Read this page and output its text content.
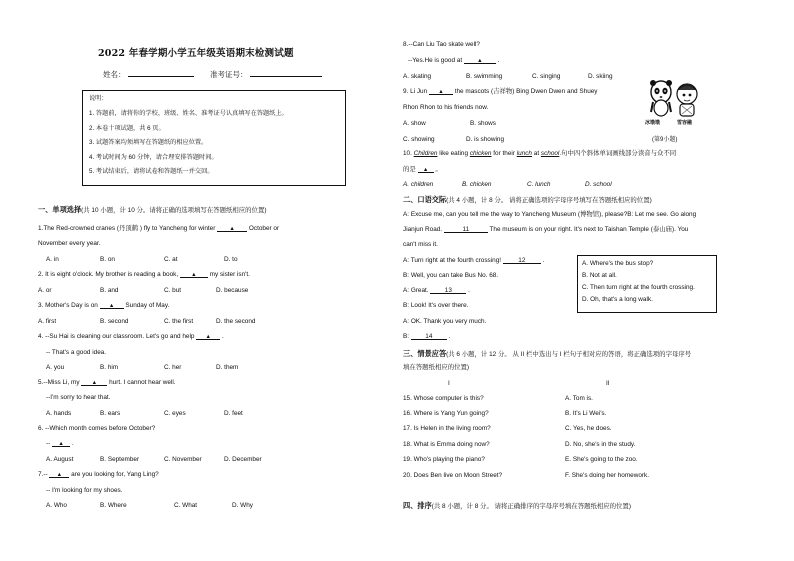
2022 年春学期小学五年级英语期末检测试题
姓名：	准考证号：
说明：
1. 答题前，请将你的学校、班级、姓名、准考证号认真填写在答题纸上。
2. 本卷十项试题，共 6 页。
3. 试题答案均须填写在答题纸的相应位置。
4. 考试时间为 60 分钟，请合理安排答题时间。
5. 考试结束后，请将试卷和答题纸一并交回。
一、单项选择(共 10 小题，计 10 分。请将正确的选项填写在答题纸相应的位置)
1.The Red-crowned cranes (丹顶鹤 ) fly to Yancheng for winter ▲ October or
November every year.
A. in	B. on	C. at	D. to
2. It is eight o'clock. My brother is reading a book, ▲ my sister isn't.
A. or	B. and	C. but	D. because
3. Mother's Day is on ▲ Sunday of May.
A. first	B. second	C. the first	D. the second
4. --Su Hai is cleaning our classroom. Let's go and help ▲ .
-- That's a good idea.
A. you	B. him	C. her	D. them
5.--Miss Li, my ▲ hurt. I cannot hear well.
--I'm sorry to hear that.
A. hands	B. ears	C. eyes	D. feet
6. --Which month comes before October?
-- ▲ .
A. August	B. September	C. November	D. December
7.-- ▲ are you looking for, Yang Ling?
-- I'm looking for my shoes.
A. Who	B. Where	C. What	D. Why
8.--Can Liu Tao skate well?
--Yes.He is good at ▲ .
A. skating	B. swimming	C. singing	D. skiing
9. Li Jun ▲ the mascots (吉祥物) Bing Dwen Dwen and Shuey
Rhon Rhon to his friends now.
A. show	B. shows
C. showing	D. is showing
冰墩墩	雪容融
(第9小题)
10. Children like eating chicken for their lunch at school.句中四个斜体单词画线部分读音与众不同
的是 ▲ 。
A. children	B. chicken	C. lunch	D. school
二、口语交际(共 4 小题，计 8 分。 请将正确选项的字母序号填写在答题纸相应的位置)
A: Excuse me, can you tell me the way to Yancheng Museum (博物馆), please?B: Let me see. Go along
Jianjun Road.	11	The museum is on your right. It's next to Taishan Temple (泰山庙). You
can't miss it.
A: Turn right at the fourth crossing! 12 .
B: Well, you can take Bus No. 68.
A: Great. 13 .
B: Look! It's over there.
A: OK. Thank you very much.
B: 14 .
A. Where's the bus stop?
B. Not at all.
C. Then turn right at the fourth crossing.
D. Oh, that's a long walk.
三、情景应答(共 6 小题，计 12 分。 从 II 栏中选出与 I 栏句子相对应的答语，将正确选项的字母序号
填在答题纸相应的位置)
I	II
15. Whose computer is this?	A. Tom is.
16. Where is Yang Yun going?	B. It's Li Wei's.
17. Is Helen in the living room?	C. Yes, he does.
18. What is Emma doing now?	D. No, she's in the study.
19. Who's playing the piano?	E. She's going to the zoo.
20. Does Ben live on Moon Street?	F. She's doing her homework.
四、排序(共 8 小题，计 8 分。 请将正确排序的字母序号填在答题纸相应的位置)
